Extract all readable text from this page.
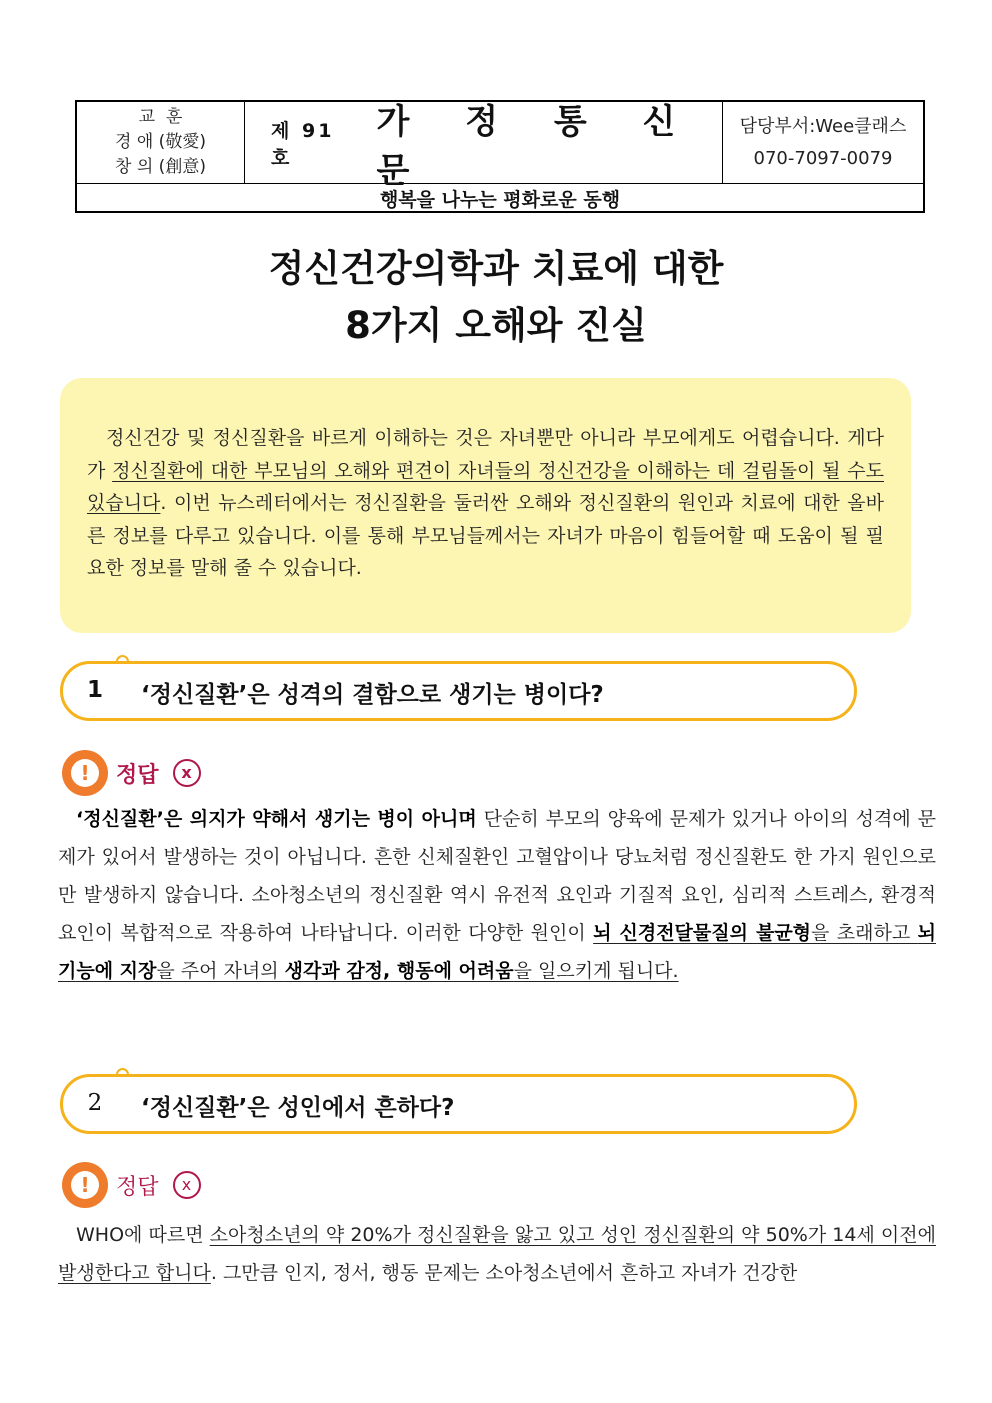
교  훈
경 애 (敬愛)
창 의 (創意)
제 91호
가 정 통 신 문
담당부서:Wee클래스
070-7097-0079
행복을 나누는 평화로운 동행
정신건강의학과 치료에 대한
8가지 오해와 진실

정신건강 및 정신질환을 바르게 이해하는 것은 자녀뿐만 아니라 부모에게도 어렵습니다. 게다가 정신질환에 대한 부모님의 오해와 편견이 자녀들의 정신건강을 이해하는 데 걸림돌이 될 수도 있습니다. 이번 뉴스레터에서는 정신질환을 둘러싼 오해와 정신질환의 원인과 치료에 대한 올바른 정보를 다루고 있습니다. 이를 통해 부모님들께서는 자녀가 마음이 힘들어할 때 도움이 될 필요한 정보를 말해 줄 수 있습니다.

1 ‘정신질환’은 성격의 결함으로 생기는 병이다?
!	정답	x

‘정신질환’은 의지가 약해서 생기는 병이 아니며 단순히 부모의 양육에 문제가 있거나 아이의 성격에 문제가 있어서 발생하는 것이 아닙니다. 흔한 신체질환인 고혈압이나 당뇨처럼 정신질환도 한 가지 원인으로만 발생하지 않습니다. 소아청소년의 정신질환 역시 유전적 요인과 기질적 요인, 심리적 스트레스, 환경적 요인이 복합적으로 작용하여 나타납니다. 이러한 다양한 원인이 뇌 신경전달물질의 불균형을 초래하고 뇌 기능에 지장을 주어 자녀의 생각과 감정, 행동에 어려움을 일으키게 됩니다.

2 ‘정신질환’은 성인에서 흔하다?
!	정답	x

WHO에 따르면 소아청소년의 약 20%가 정신질환을 앓고 있고 성인 정신질환의 약 50%가 14세 이전에 발생한다고 합니다. 그만큼 인지, 정서, 행동 문제는 소아청소년에서 흔하고 자녀가 건강한
